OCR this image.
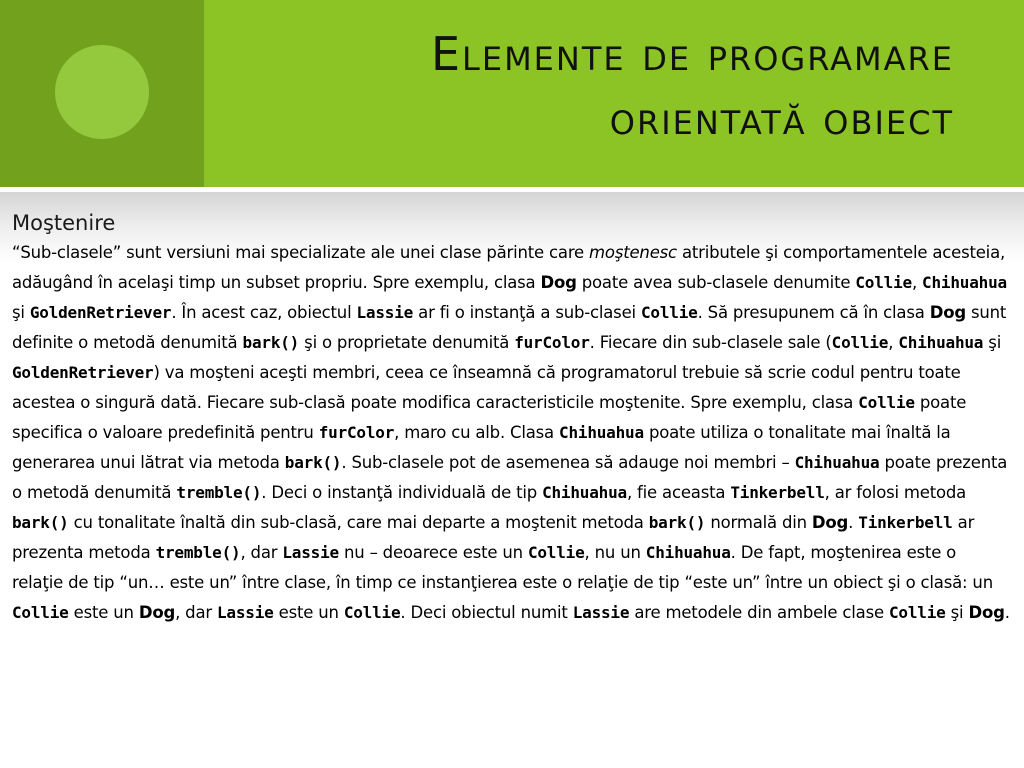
Elemente de programare
orientată obiect
Moştenire

“Sub-clasele” sunt versiuni mai specializate ale unei clase părinte care moştenesc atributele şi comportamentele acesteia, adăugând în acelaşi timp un subset propriu. Spre exemplu, clasa Dog poate avea sub-clasele denumite Collie, Chihuahua şi GoldenRetriever. În acest caz, obiectul Lassie ar fi o instanţă a sub-clasei Collie. Să presupunem că în clasa Dog sunt definite o metodă denumită bark() şi o proprietate denumită furColor. Fiecare din sub-clasele sale (Collie, Chihuahua şi GoldenRetriever) va moşteni aceşti membri, ceea ce înseamnă că programatorul trebuie să scrie codul pentru toate acestea o singură dată. Fiecare sub-clasă poate modifica caracteristicile moştenite. Spre exemplu, clasa Collie poate specifica o valoare predefinită pentru furColor, maro cu alb. Clasa Chihuahua poate utiliza o tonalitate mai înaltă la generarea unui lătrat via metoda bark(). Sub-clasele pot de asemenea să adauge noi membri – Chihuahua poate prezenta o metodă denumită tremble(). Deci o instanţă individuală de tip Chihuahua, fie aceasta Tinkerbell, ar folosi metoda bark() cu tonalitate înaltă din sub-clasă, care mai departe a moştenit metoda bark() normală din Dog. Tinkerbell ar prezenta metoda tremble(), dar Lassie nu – deoarece este un Collie, nu un Chihuahua. De fapt, moştenirea este o relaţie de tip “un… este un” între clase, în timp ce instanţierea este o relaţie de tip “este un” între un obiect şi o clasă: un Collie este un Dog, dar Lassie este un Collie. Deci obiectul numit Lassie are metodele din ambele clase Collie şi Dog.
